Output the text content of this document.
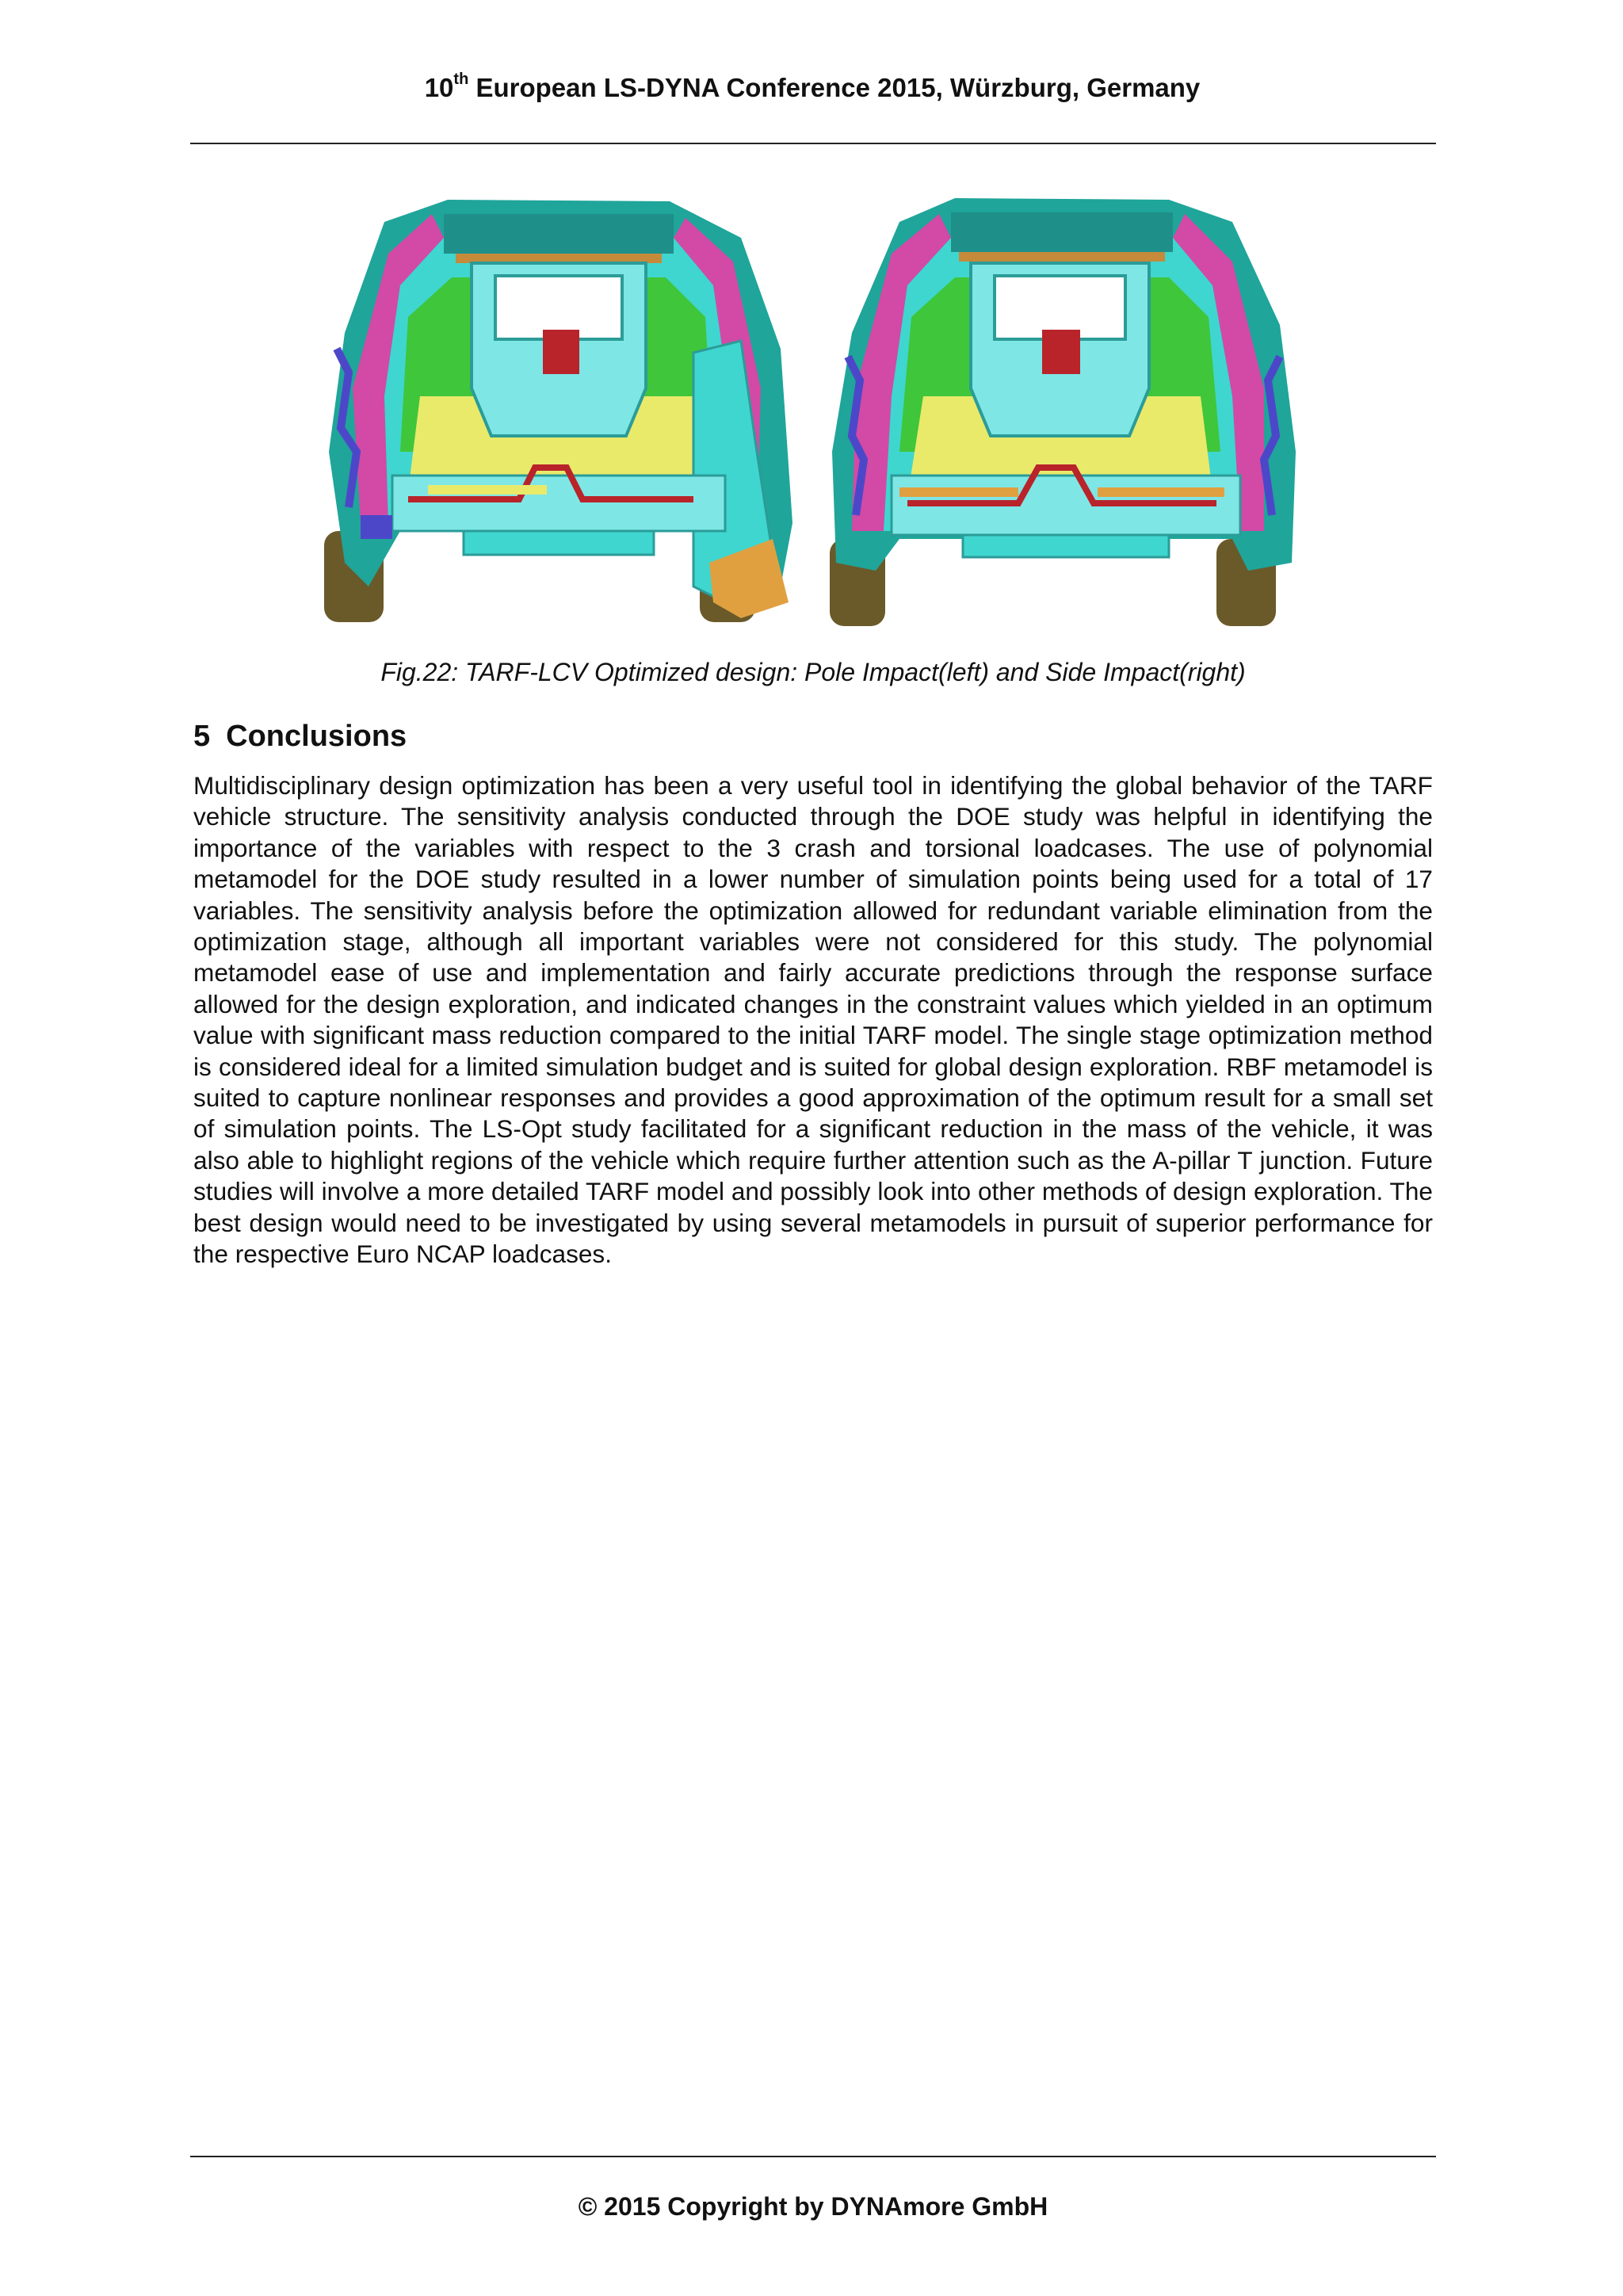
10th European LS-DYNA Conference 2015, Würzburg, Germany
Fig.22: TARF-LCV Optimized design: Pole Impact(left) and Side Impact(right)
5 Conclusions
Multidisciplinary design optimization has been a very useful tool in identifying the global behavior of the TARF vehicle structure. The sensitivity analysis conducted through the DOE study was helpful in identifying the importance of the variables with respect to the 3 crash and torsional loadcases. The use of polynomial metamodel for the DOE study resulted in a lower number of simulation points being used for a total of 17 variables. The sensitivity analysis before the optimization allowed for redundant variable elimination from the optimization stage, although all important variables were not considered for this study. The polynomial metamodel ease of use and implementation and fairly accurate predictions through the response surface allowed for the design exploration, and indicated changes in the constraint values which yielded in an optimum value with significant mass reduction compared to the initial TARF model. The single stage optimization method is considered ideal for a limited simulation budget and is suited for global design exploration. RBF metamodel is suited to capture nonlinear responses and provides a good approximation of the optimum result for a small set of simulation points. The LS-Opt study facilitated for a significant reduction in the mass of the vehicle, it was also able to highlight regions of the vehicle which require further attention such as the A-pillar T junction. Future studies will involve a more detailed TARF model and possibly look into other methods of design exploration. The best design would need to be investigated by using several metamodels in pursuit of superior performance for the respective Euro NCAP loadcases.
© 2015 Copyright by DYNAmore GmbH
